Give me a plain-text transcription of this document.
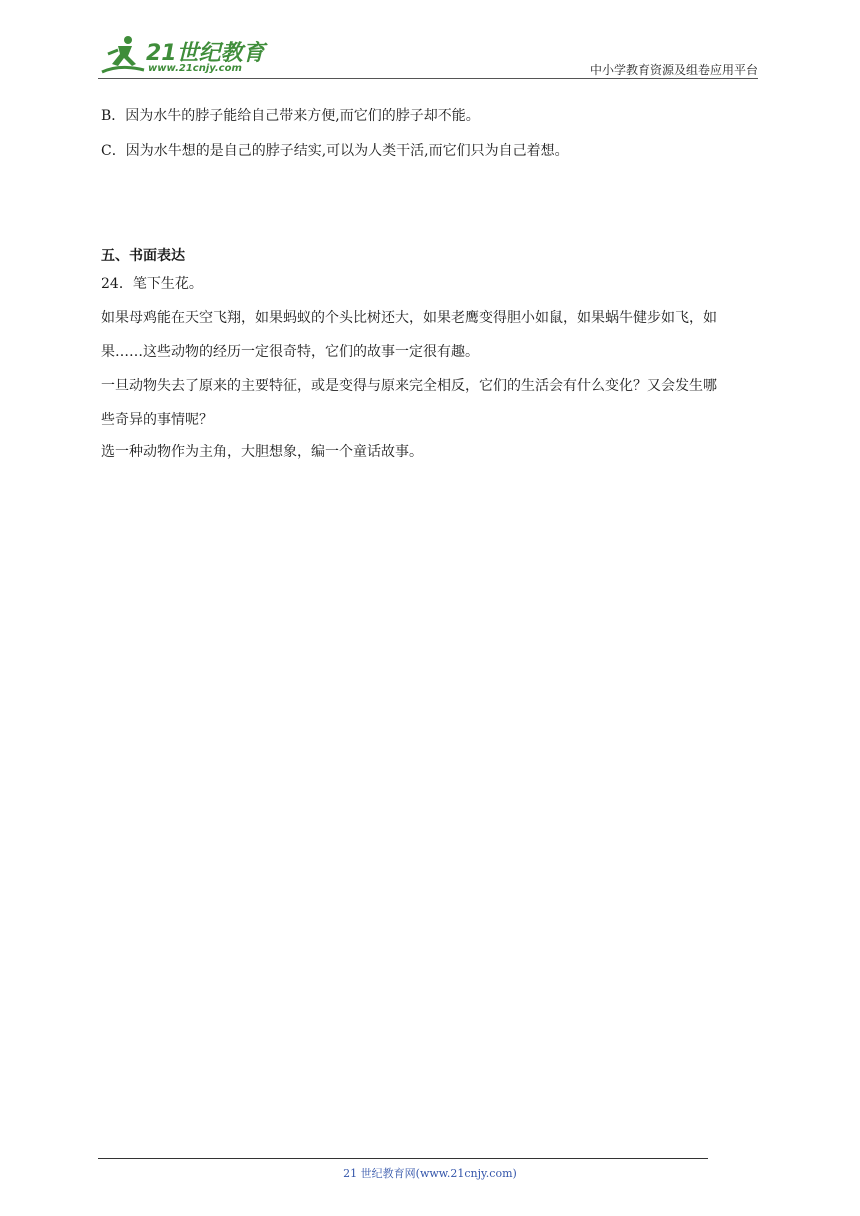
21世纪教育
www.21cnjy.com	中小学教育资源及组卷应用平台
B．因为水牛的脖子能给自己带来方便,而它们的脖子却不能。
C．因为水牛想的是自己的脖子结实,可以为人类干活,而它们只为自己着想。
五、书面表达
24．笔下生花。
如果母鸡能在天空飞翔，如果蚂蚁的个头比树还大，如果老鹰变得胆小如鼠，如果蜗牛健步如飞，如
果……这些动物的经历一定很奇特，它们的故事一定很有趣。
一旦动物失去了原来的主要特征，或是变得与原来完全相反，它们的生活会有什么变化？又会发生哪
些奇异的事情呢？
选一种动物作为主角，大胆想象，编一个童话故事。
21 世纪教育网(www.21cnjy.com)
